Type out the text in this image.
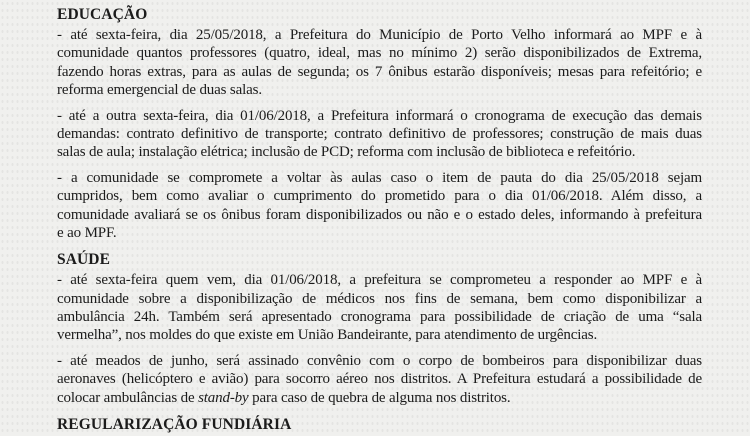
EDUCAÇÃO
- até sexta-feira, dia 25/05/2018, a Prefeitura do Município de Porto Velho informará ao MPF e à
comunidade quantos professores (quatro, ideal, mas no mínimo 2) serão disponibilizados de Extrema,
fazendo horas extras, para as aulas de segunda; os 7 ônibus estarão disponíveis; mesas para refeitório; e
reforma emergencial de duas salas.
- até a outra sexta-feira, dia 01/06/2018, a Prefeitura informará o cronograma de execução das demais
demandas: contrato definitivo de transporte; contrato definitivo de professores; construção de mais duas
salas de aula; instalação elétrica; inclusão de PCD; reforma com inclusão de biblioteca e refeitório.
- a comunidade se compromete a voltar às aulas caso o item de pauta do dia 25/05/2018 sejam
cumpridos, bem como avaliar o cumprimento do prometido para o dia 01/06/2018. Além disso, a
comunidade avaliará se os ônibus foram disponibilizados ou não e o estado deles, informando à prefeitura
e ao MPF.
SAÚDE
- até sexta-feira quem vem, dia 01/06/2018, a prefeitura se comprometeu a responder ao MPF e à
comunidade sobre a disponibilização de médicos nos fins de semana, bem como disponibilizar a
ambulância 24h. Também será apresentado cronograma para possibilidade de criação de uma “sala
vermelha”, nos moldes do que existe em União Bandeirante, para atendimento de urgências.
- até meados de junho, será assinado convênio com o corpo de bombeiros para disponibilizar duas
aeronaves (helicóptero e avião) para socorro aéreo nos distritos. A Prefeitura estudará a possibilidade de
colocar ambulâncias de stand-by para caso de quebra de alguma nos distritos.
REGULARIZAÇÃO FUNDIÁRIA
